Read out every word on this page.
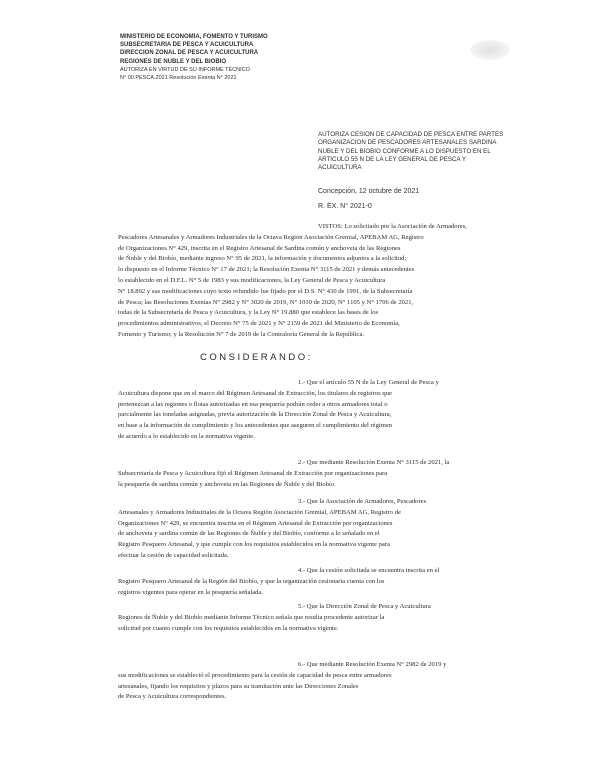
MINISTERIO DE ECONOMÍA, FOMENTO Y TURISMO
SUBSECRETARÍA DE PESCA Y ACUICULTURA
DIRECCIÓN ZONAL DE PESCA Y ACUICULTURA
REGIONES DE ÑUBLE Y DEL BIOBÍO
AUTORIZA EN VIRTUD DE SU INFORME TÉCNICO
N° 00.PESCA.2021 Resolución Exenta N° 2021
AUTORIZA CESIÓN DE CAPACIDAD DE PESCA ENTRE PARTES
ORGANIZACIÓN DE PESCADORES ARTESANALES SARDINA
ÑUBLE Y DEL BIOBÍO CONFORME A LO DISPUESTO EN EL
ARTÍCULO 55 N DE LA LEY GENERAL DE PESCA Y
ACUICULTURA
Concepción, 12 octubre de 2021
R. EX. N° 2021-0
VISTOS: Lo solicitado por la Asociación de Armadores,
Pescadores Artesanales y Armadores Industriales de la Octava Región Asociación Gremial, APEBAM AG, Registro
de Organizaciones N° 429, inscrita en el Registro Artesanal de Sardina común y anchoveta de las Regiones
de Ñuble y del Biobío, mediante ingreso N° 95 de 2021, la información y documentos adjuntos a la solicitud;
lo dispuesto en el Informe Técnico N° 17 de 2021; la Resolución Exenta N° 3115 de 2021 y demás antecedentes
lo establecido en el D.F.L. N° 5 de 1983 y sus modificaciones, la Ley General de Pesca y Acuicultura
N° 18.892 y sus modificaciones cuyo texto refundido fue fijado por el D.S. N° 430 de 1991, de la Subsecretaría
de Pesca; las Resoluciones Exentas N° 2982 y N° 3020 de 2019, N° 1010 de 2020, N° 1105 y N° 1706 de 2021,
todas de la Subsecretaría de Pesca y Acuicultura, y la Ley N° 19.880 que establece las bases de los
procedimientos administrativos, el Decreto N° 75 de 2021 y N° 2159 de 2021 del Ministerio de Economía,
Fomento y Turismo; y la Resolución N° 7 de 2019 de la Contraloría General de la República.
CONSIDERANDO:
1.- Que el artículo 55 N de la Ley General de Pesca y
Acuicultura dispone que en el marco del Régimen Artesanal de Extracción, los titulares de registros que
pertenezcan a las regiones o flotas autorizadas en esa pesquería podrán ceder a otros armadores total o
parcialmente las toneladas asignadas, previa autorización de la Dirección Zonal de Pesca y Acuicultura,
en base a la información de cumplimiento y los antecedentes que aseguren el cumplimiento del régimen
de acuerdo a lo establecido en la normativa vigente.
2.- Que mediante Resolución Exenta N° 3115 de 2021, la
Subsecretaría de Pesca y Acuicultura fijó el Régimen Artesanal de Extracción por organizaciones para
la pesquería de sardina común y anchoveta en las Regiones de Ñuble y del Biobío.
3.- Que la Asociación de Armadores, Pescadores
Artesanales y Armadores Industriales de la Octava Región Asociación Gremial, APEBAM AG, Registro de
Organizaciones N° 429, se encuentra inscrita en el Régimen Artesanal de Extracción por organizaciones
de anchoveta y sardina común de las Regiones de Ñuble y del Biobío, conforme a lo señalado en el
Registro Pesquero Artesanal, y que cumple con los requisitos establecidos en la normativa vigente para
efectuar la cesión de capacidad solicitada.
4.- Que la cesión solicitada se encuentra inscrita en el
Registro Pesquero Artesanal de la Región del Biobío, y que la organización cesionaria cuenta con los
registros vigentes para operar en la pesquería señalada.
5.- Que la Dirección Zonal de Pesca y Acuicultura
Regiones de Ñuble y del Biobío mediante Informe Técnico señala que resulta procedente autorizar la
solicitud por cuanto cumple con los requisitos establecidos en la normativa vigente.
6.- Que mediante Resolución Exenta N° 2982 de 2019 y
sus modificaciones se estableció el procedimiento para la cesión de capacidad de pesca entre armadores
artesanales, fijando los requisitos y plazos para su tramitación ante las Direcciones Zonales
de Pesca y Acuicultura correspondientes.
